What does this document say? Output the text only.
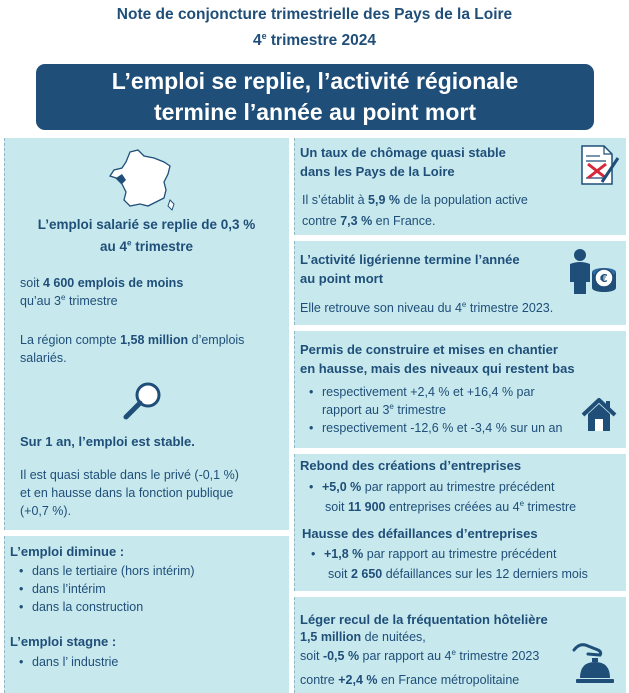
Note de conjoncture trimestrielle des Pays de la Loire
4e trimestre 2024
L’emploi se replie, l’activité régionale
termine l’année au point mort
L’emploi salarié se replie de 0,3 %
au 4e trimestre
soit 4 600 emplois de moins
qu’au 3e trimestre
La région compte 1,58 million d’emplois
salariés.
Sur 1 an, l’emploi est stable.
Il est quasi stable dans le privé (-0,1 %)
et en hausse dans la fonction publique
(+0,7 %).
L’emploi diminue :
• dans le tertiaire (hors intérim)
• dans l’intérim
• dans la construction
L’emploi stagne :
• dans l’ industrie
Un taux de chômage quasi stable
dans les Pays de la Loire
Il s’établit à 5,9 % de la population active
contre 7,3 % en France.
L’activité ligérienne termine l’année
au point mort
Elle retrouve son niveau du 4e trimestre 2023.
€
Permis de construire et mises en chantier
en hausse, mais des niveaux qui restent bas
• respectivement +2,4 % et +16,4 % par
rapport au 3e trimestre
• respectivement -12,6 % et -3,4 % sur un an
Rebond des créations d’entreprises
• +5,0 % par rapport au trimestre précédent
soit 11 900 entreprises créées au 4e trimestre
Hausse des défaillances d’entreprises
• +1,8 % par rapport au trimestre précédent
soit 2 650 défaillances sur les 12 derniers mois
Léger recul de la fréquentation hôtelière
1,5 million de nuitées,
soit -0,5 % par rapport au 4e trimestre 2023
contre +2,4 % en France métropolitaine
